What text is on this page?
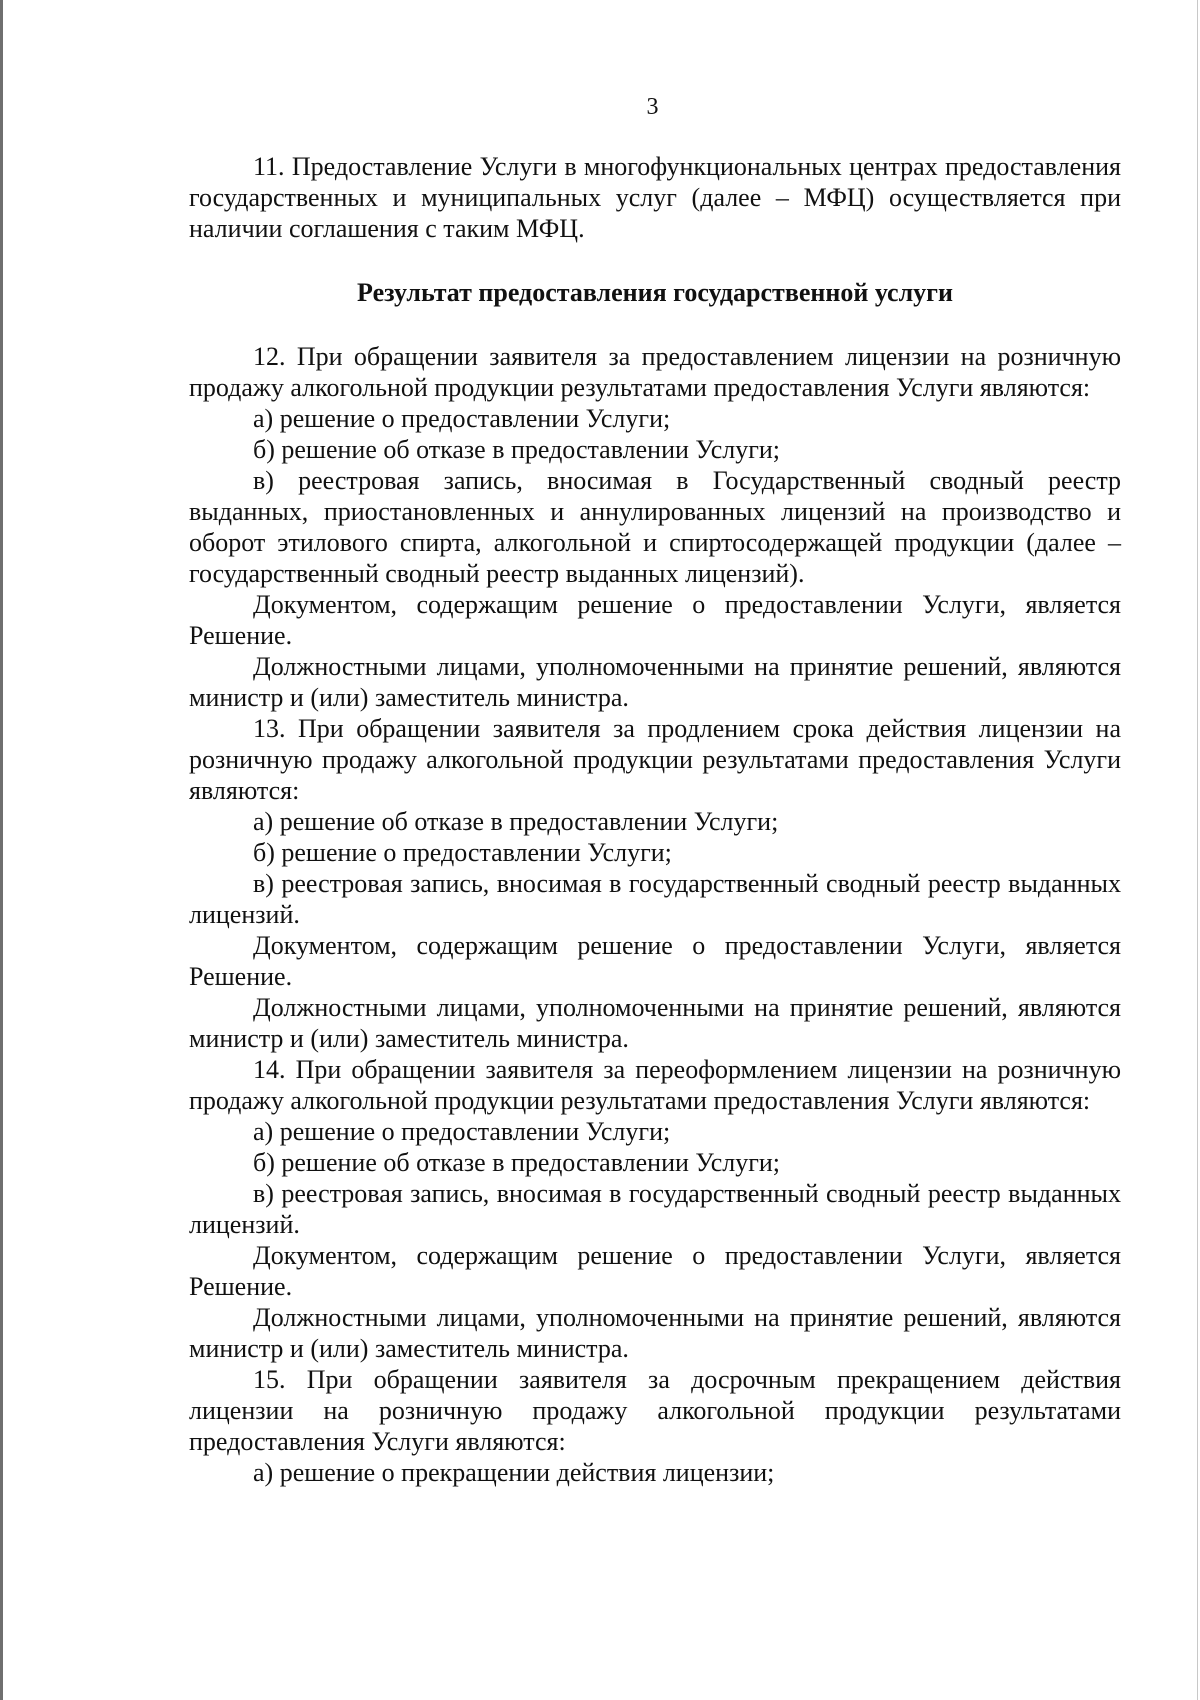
3

11. Предоставление Услуги в многофункциональных центрах предоставления государственных и муниципальных услуг (далее – МФЦ) осуществляется при наличии соглашения с таким МФЦ.

Результат предоставления государственной услуги

12. При обращении заявителя за предоставлением лицензии на розничную продажу алкогольной продукции результатами предоставления Услуги являются:

а) решение о предоставлении Услуги;

б) решение об отказе в предоставлении Услуги;

в) реестровая запись, вносимая в Государственный сводный реестр выданных, приостановленных и аннулированных лицензий на производство и оборот этилового спирта, алкогольной и спиртосодержащей продукции (далее – государственный сводный реестр выданных лицензий).

Документом, содержащим решение о предоставлении Услуги, является Решение.

Должностными лицами, уполномоченными на принятие решений, являются министр и (или) заместитель министра.

13. При обращении заявителя за продлением срока действия лицензии на розничную продажу алкогольной продукции результатами предоставления Услуги являются:

а) решение об отказе в предоставлении Услуги;

б) решение о предоставлении Услуги;

в) реестровая запись, вносимая в государственный сводный реестр выданных лицензий.

Документом, содержащим решение о предоставлении Услуги, является Решение.

Должностными лицами, уполномоченными на принятие решений, являются министр и (или) заместитель министра.

14. При обращении заявителя за переоформлением лицензии на розничную продажу алкогольной продукции результатами предоставления Услуги являются:

а) решение о предоставлении Услуги;

б) решение об отказе в предоставлении Услуги;

в) реестровая запись, вносимая в государственный сводный реестр выданных лицензий.

Документом, содержащим решение о предоставлении Услуги, является Решение.

Должностными лицами, уполномоченными на принятие решений, являются министр и (или) заместитель министра.

15. При обращении заявителя за досрочным прекращением действия лицензии на розничную продажу алкогольной продукции результатами предоставления Услуги являются:

а) решение о прекращении действия лицензии;
